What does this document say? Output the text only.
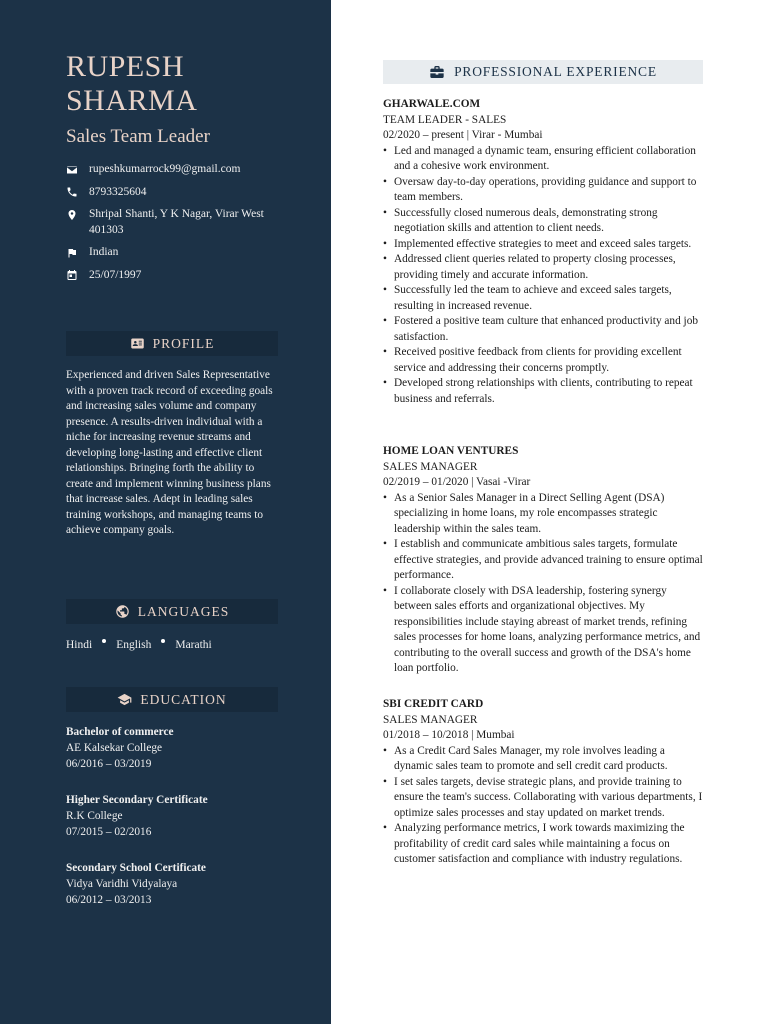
RUPESH
SHARMA
Sales Team Leader
rupeshkumarrock99@gmail.com
8793325604
Shripal Shanti, Y K Nagar, Virar West 401303
Indian
25/07/1997
PROFILE

Experienced and driven Sales Representative with a proven track record of exceeding goals and increasing sales volume and company presence. A results-driven individual with a niche for increasing revenue streams and developing long-lasting and effective client relationships. Bringing forth the ability to create and implement winning business plans that increase sales. Adept in leading sales training workshops, and managing teams to achieve company goals.

LANGUAGES
Hindi English Marathi
EDUCATION
Bachelor of commerce
AE Kalsekar College
06/2016 – 03/2019
Higher Secondary Certificate
R.K College
07/2015 – 02/2016
Secondary School Certificate
Vidya Varidhi Vidyalaya
06/2012 – 03/2013
PROFESSIONAL EXPERIENCE
GHARWALE.COM
TEAM LEADER - SALES
02/2020 – present | Virar - Mumbai
• Led and managed a dynamic team, ensuring efficient collaboration and a cohesive work environment.
• Oversaw day-to-day operations, providing guidance and support to team members.
• Successfully closed numerous deals, demonstrating strong negotiation skills and attention to client needs.
• Implemented effective strategies to meet and exceed sales targets.
• Addressed client queries related to property closing processes, providing timely and accurate information.
• Successfully led the team to achieve and exceed sales targets, resulting in increased revenue.
• Fostered a positive team culture that enhanced productivity and job satisfaction.
• Received positive feedback from clients for providing excellent service and addressing their concerns promptly.
• Developed strong relationships with clients, contributing to repeat business and referrals.
HOME LOAN VENTURES
SALES MANAGER
02/2019 – 01/2020 | Vasai -Virar
• As a Senior Sales Manager in a Direct Selling Agent (DSA) specializing in home loans, my role encompasses strategic leadership within the sales team.
• I establish and communicate ambitious sales targets, formulate effective strategies, and provide advanced training to ensure optimal performance.
• I collaborate closely with DSA leadership, fostering synergy between sales efforts and organizational objectives. My responsibilities include staying abreast of market trends, refining sales processes for home loans, analyzing performance metrics, and contributing to the overall success and growth of the DSA's home loan portfolio.
SBI CREDIT CARD
SALES MANAGER
01/2018 – 10/2018 | Mumbai
• As a Credit Card Sales Manager, my role involves leading a dynamic sales team to promote and sell credit card products.
• I set sales targets, devise strategic plans, and provide training to ensure the team's success. Collaborating with various departments, I optimize sales processes and stay updated on market trends.
• Analyzing performance metrics, I work towards maximizing the profitability of credit card sales while maintaining a focus on customer satisfaction and compliance with industry regulations.
